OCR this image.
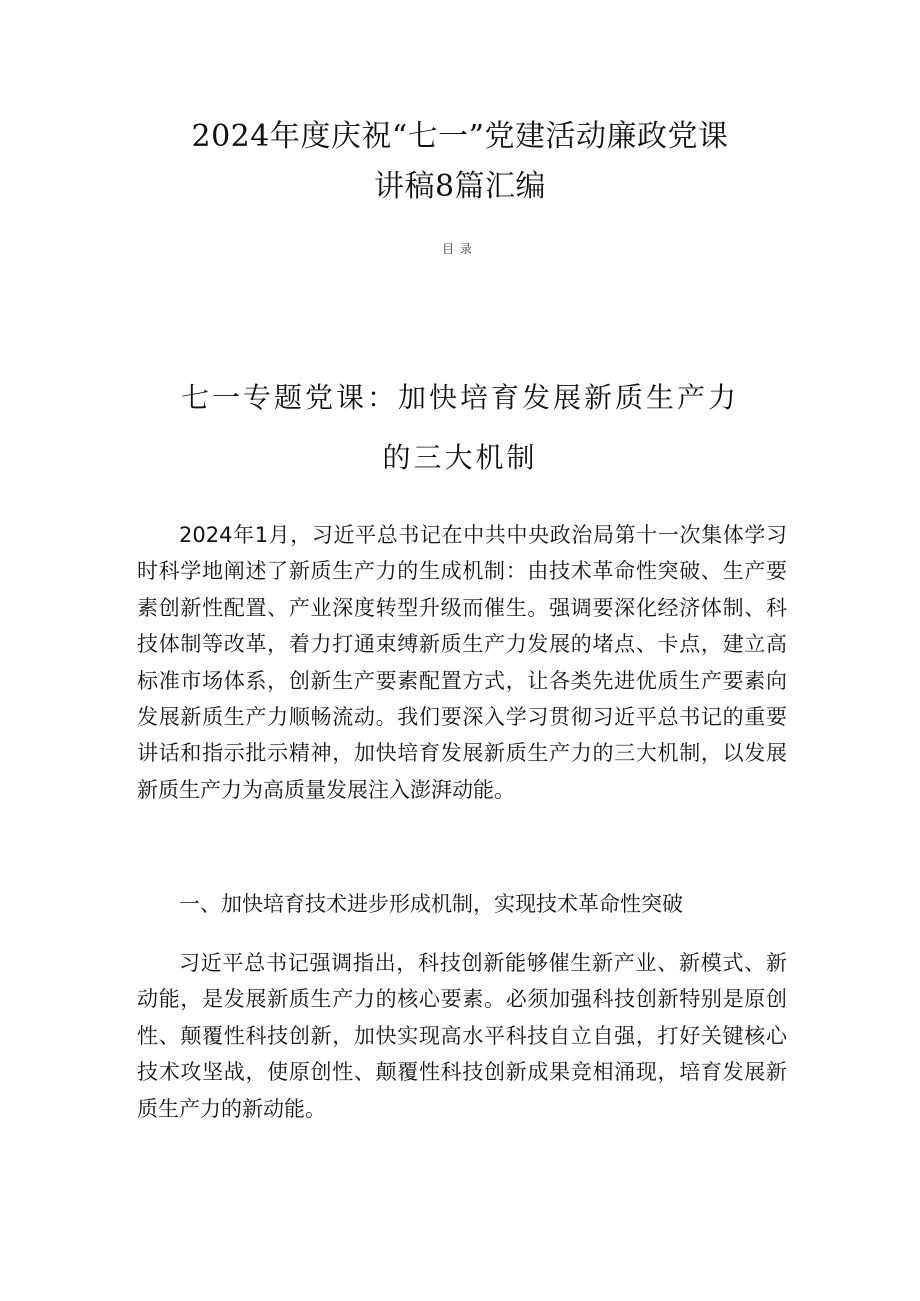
2024年度庆祝“七一”党建活动廉政党课
讲稿8篇汇编
目录
七一专题党课：加快培育发展新质生产力
的三大机制

2024年1月，习近平总书记在中共中央政治局第十一次集体学习时科学地阐述了新质生产力的生成机制：由技术革命性突破、生产要素创新性配置、产业深度转型升级而催生。强调要深化经济体制、科技体制等改革，着力打通束缚新质生产力发展的堵点、卡点，建立高标准市场体系，创新生产要素配置方式，让各类先进优质生产要素向发展新质生产力顺畅流动。我们要深入学习贯彻习近平总书记的重要讲话和指示批示精神，加快培育发展新质生产力的三大机制，以发展新质生产力为高质量发展注入澎湃动能。

一、加快培育技术进步形成机制，实现技术革命性突破

习近平总书记强调指出，科技创新能够催生新产业、新模式、新动能，是发展新质生产力的核心要素。必须加强科技创新特别是原创性、颠覆性科技创新，加快实现高水平科技自立自强，打好关键核心技术攻坚战，使原创性、颠覆性科技创新成果竞相涌现，培育发展新质生产力的新动能。
